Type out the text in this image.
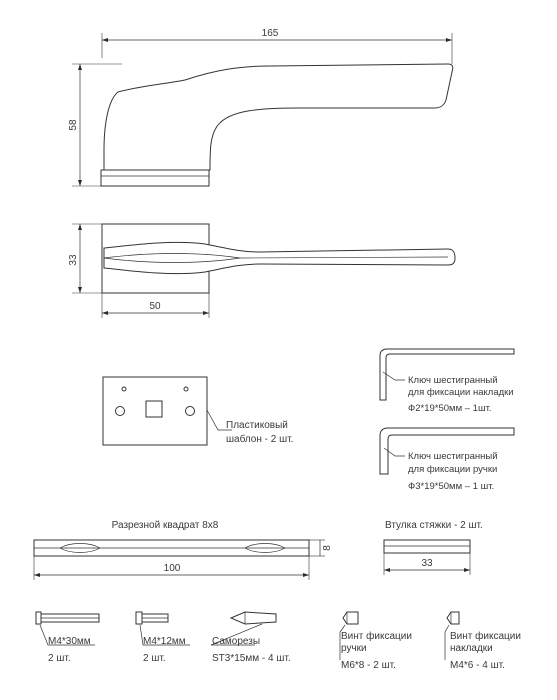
165
58
33
50
Пластиковый
шаблон - 2 шт.
Ключ шестигранный
для фиксации накладки
Ф2*19*50мм – 1шт.
Ключ шестигранный
для фиксации ручки
Ф3*19*50мм – 1 шт.
Разрезной квадрат 8х8
8
100
Втулка стяжки - 2 шт.
33
М4*30мм
2 шт.
М4*12мм
2 шт.
Саморезы
ST3*15мм - 4 шт.
Винт фиксации
ручки
М6*8 - 2 шт.
Винт фиксации
накладки
М4*6 - 4 шт.
